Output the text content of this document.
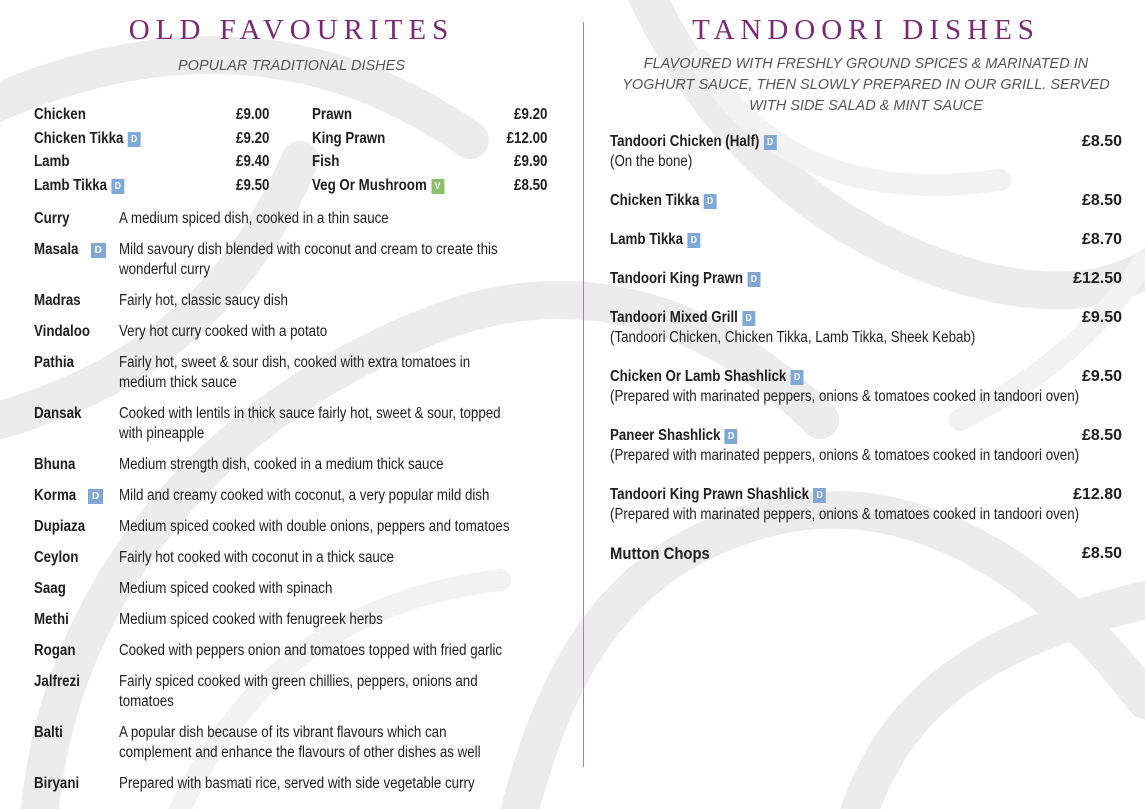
OLD FAVOURITES
POPULAR TRADITIONAL DISHES
Chicken	£9.00
Chicken Tikka D	£9.20
Lamb	£9.40
Lamb Tikka D	£9.50
Prawn	£9.20
King Prawn	£12.00
Fish	£9.90
Veg Or Mushroom V	£8.50
Curry	A medium spiced dish, cooked in a thin sauce
Masala D Mild savoury dish blended with coconut and cream to create this
wonderful curry
Madras	Fairly hot, classic saucy dish
Vindaloo	Very hot curry cooked with a potato
Pathia	Fairly hot, sweet & sour dish, cooked with extra tomatoes in
medium thick sauce
Dansak	Cooked with lentils in thick sauce fairly hot, sweet & sour, topped
with pineapple
Bhuna	Medium strength dish, cooked in a medium thick sauce
Korma D Mild and creamy cooked with coconut, a very popular mild dish
Dupiaza	Medium spiced cooked with double onions, peppers and tomatoes
Ceylon	Fairly hot cooked with coconut in a thick sauce
Saag	Medium spiced cooked with spinach
Methi	Medium spiced cooked with fenugreek herbs
Rogan	Cooked with peppers onion and tomatoes topped with fried garlic
Jalfrezi	Fairly spiced cooked with green chillies, peppers, onions and
tomatoes
Balti	A popular dish because of its vibrant flavours which can
complement and enhance the flavours of other dishes as well
Biryani	Prepared with basmati rice, served with side vegetable curry
TANDOORI DISHES
FLAVOURED WITH FRESHLY GROUND SPICES & MARINATED IN
YOGHURT SAUCE, THEN SLOWLY PREPARED IN OUR GRILL. SERVED
WITH SIDE SALAD & MINT SAUCE
Tandoori Chicken (Half) D	£8.50
(On the bone)
Chicken Tikka D	£8.50
Lamb Tikka D	£8.70
Tandoori King Prawn D	£12.50
Tandoori Mixed Grill D	£9.50
(Tandoori Chicken, Chicken Tikka, Lamb Tikka, Sheek Kebab)
Chicken Or Lamb Shashlick D	£9.50
(Prepared with marinated peppers, onions & tomatoes cooked in tandoori oven)
Paneer Shashlick D	£8.50
(Prepared with marinated peppers, onions & tomatoes cooked in tandoori oven)
Tandoori King Prawn Shashlick D	£12.80
(Prepared with marinated peppers, onions & tomatoes cooked in tandoori oven)
Mutton Chops	£8.50
